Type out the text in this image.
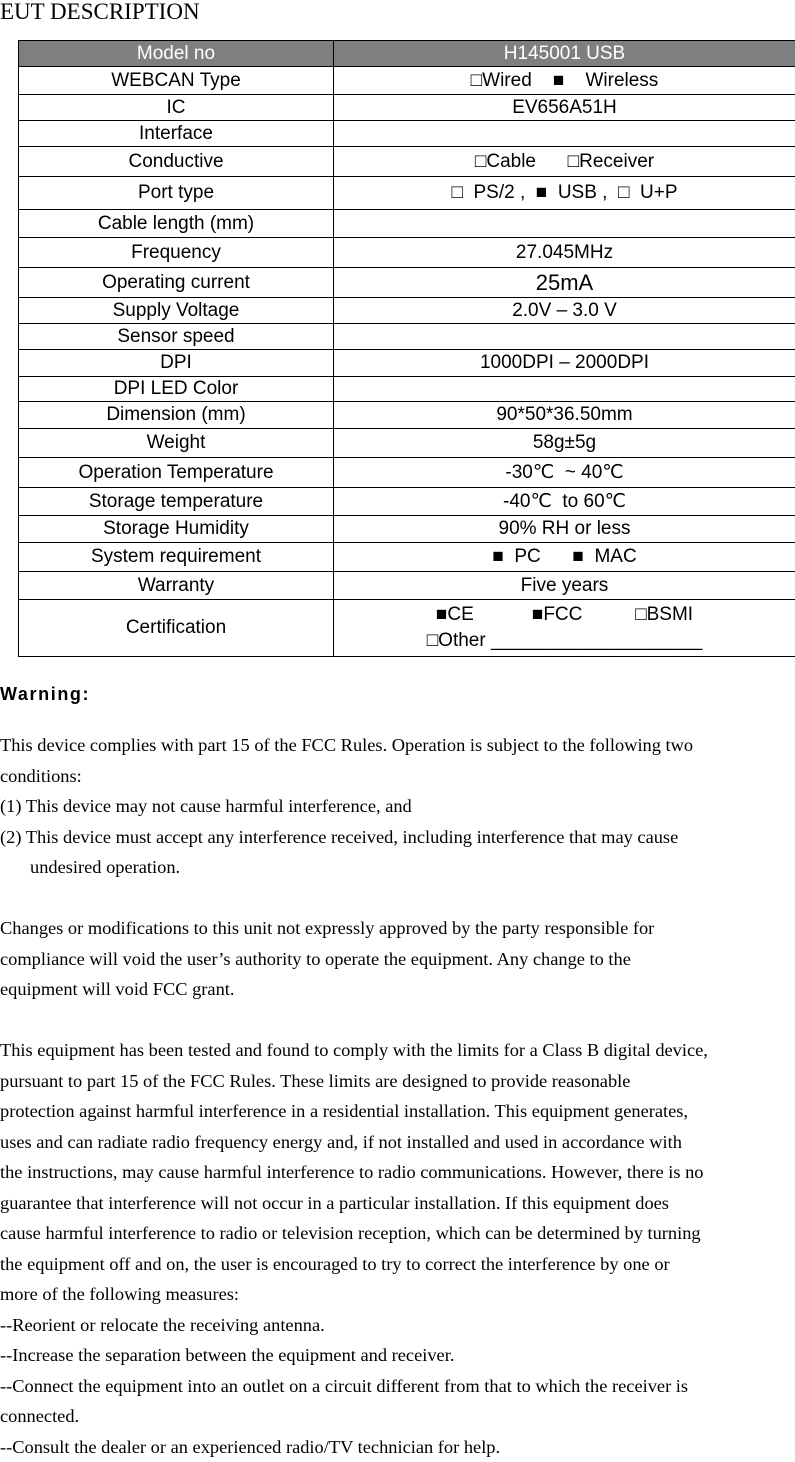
EUT DESCRIPTION
Model no	H145001 USB
WEBCAN Type	□Wired    ■    Wireless
IC	EV656A51H
Interface	
Conductive	□Cable      □Receiver
Port type	□  PS/2 ,  ■  USB ,  □  U+P
Cable length (mm)	
Frequency	27.045MHz
Operating current	25mA
Supply Voltage	2.0V – 3.0 V
Sensor speed	
DPI	1000DPI – 2000DPI
DPI LED Color	
Dimension (mm)	90*50*36.50mm
Weight	58g±5g
Operation Temperature	-30℃  ~ 40℃
Storage temperature	-40℃  to 60℃
Storage Humidity	90% RH or less
System requirement	■  PC      ■  MAC
Warranty	Five years
Certification	■CE           ■FCC          □BSMI
□Other ____________________
Warning:
This device complies with part 15 of the FCC Rules. Operation is subject to the following two
conditions:
(1) This device may not cause harmful interference, and
(2) This device must accept any interference received, including interference that may cause
undesired operation.
Changes or modifications to this unit not expressly approved by the party responsible for
compliance will void the user’s authority to operate the equipment. Any change to the
equipment will void FCC grant.
This equipment has been tested and found to comply with the limits for a Class B digital device,
pursuant to part 15 of the FCC Rules. These limits are designed to provide reasonable
protection against harmful interference in a residential installation. This equipment generates,
uses and can radiate radio frequency energy and, if not installed and used in accordance with
the instructions, may cause harmful interference to radio communications. However, there is no
guarantee that interference will not occur in a particular installation. If this equipment does
cause harmful interference to radio or television reception, which can be determined by turning
the equipment off and on, the user is encouraged to try to correct the interference by one or
more of the following measures:
--Reorient or relocate the receiving antenna.
--Increase the separation between the equipment and receiver.
--Connect the equipment into an outlet on a circuit different from that to which the receiver is
connected.
--Consult the dealer or an experienced radio/TV technician for help.
